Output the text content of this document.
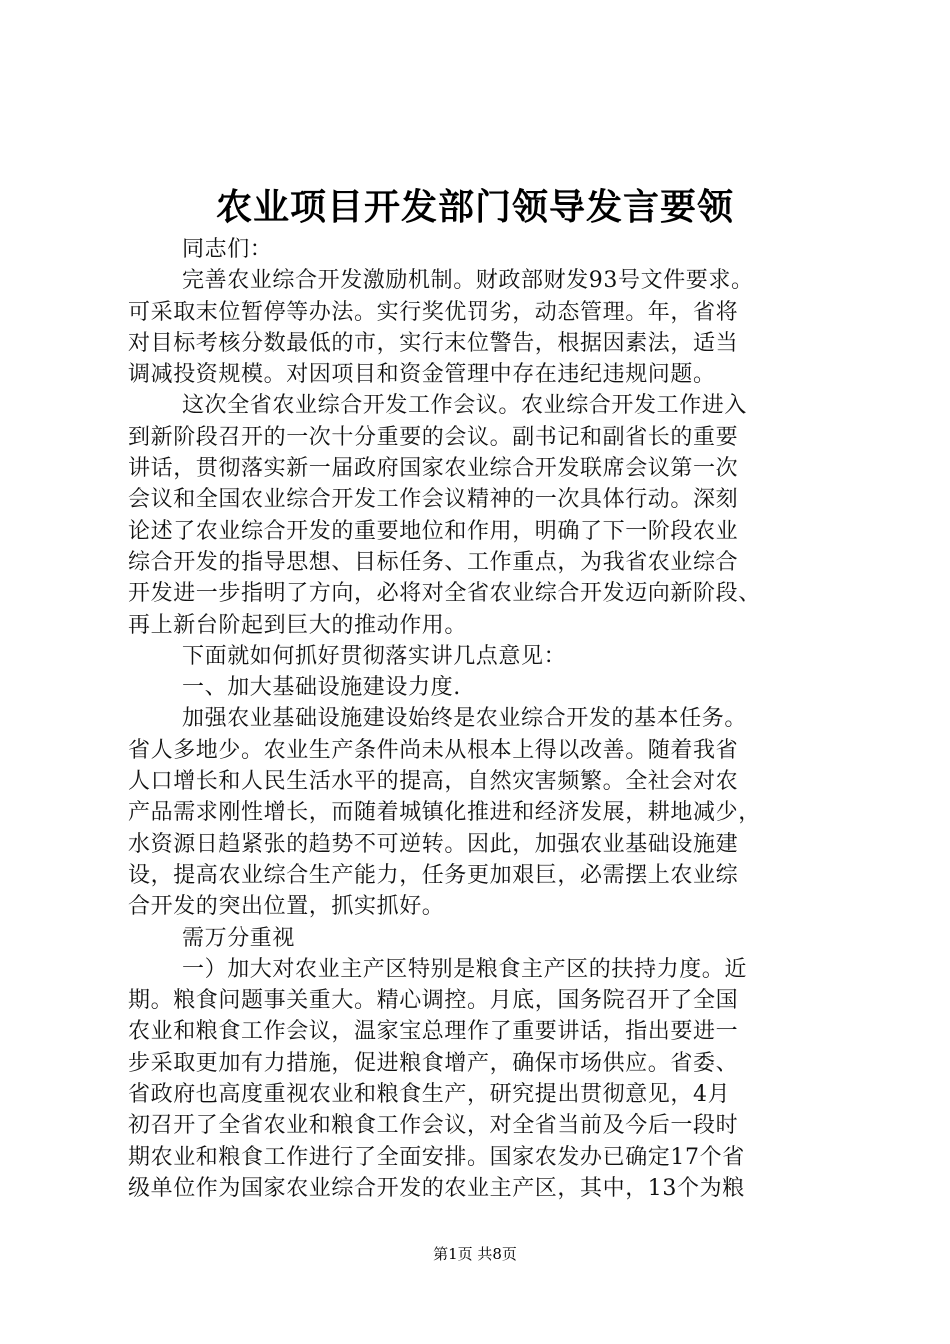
农业项目开发部门领导发言要领
同志们：
完善农业综合开发激励机制。财政部财发93号文件要求。
可采取末位暂停等办法。实行奖优罚劣，动态管理。年，省将
对目标考核分数最低的市，实行末位警告，根据因素法，适当
调减投资规模。对因项目和资金管理中存在违纪违规问题。
这次全省农业综合开发工作会议。农业综合开发工作进入
到新阶段召开的一次十分重要的会议。副书记和副省长的重要
讲话，贯彻落实新一届政府国家农业综合开发联席会议第一次
会议和全国农业综合开发工作会议精神的一次具体行动。深刻
论述了农业综合开发的重要地位和作用，明确了下一阶段农业
综合开发的指导思想、目标任务、工作重点，为我省农业综合
开发进一步指明了方向，必将对全省农业综合开发迈向新阶段、
再上新台阶起到巨大的推动作用。
下面就如何抓好贯彻落实讲几点意见：
一、加大基础设施建设力度.
加强农业基础设施建设始终是农业综合开发的基本任务。
省人多地少。农业生产条件尚未从根本上得以改善。随着我省
人口增长和人民生活水平的提高，自然灾害频繁。全社会对农
产品需求刚性增长，而随着城镇化推进和经济发展，耕地减少，
水资源日趋紧张的趋势不可逆转。因此，加强农业基础设施建
设，提高农业综合生产能力，任务更加艰巨，必需摆上农业综
合开发的突出位置，抓实抓好。
需万分重视
一）加大对农业主产区特别是粮食主产区的扶持力度。近
期。粮食问题事关重大。精心调控。月底，国务院召开了全国
农业和粮食工作会议，温家宝总理作了重要讲话，指出要进一
步采取更加有力措施，促进粮食增产，确保市场供应。省委、
省政府也高度重视农业和粮食生产，研究提出贯彻意见，4月
初召开了全省农业和粮食工作会议，对全省当前及今后一段时
期农业和粮食工作进行了全面安排。国家农发办已确定17个省
级单位作为国家农业综合开发的农业主产区，其中，13个为粮
第1页 共8页
